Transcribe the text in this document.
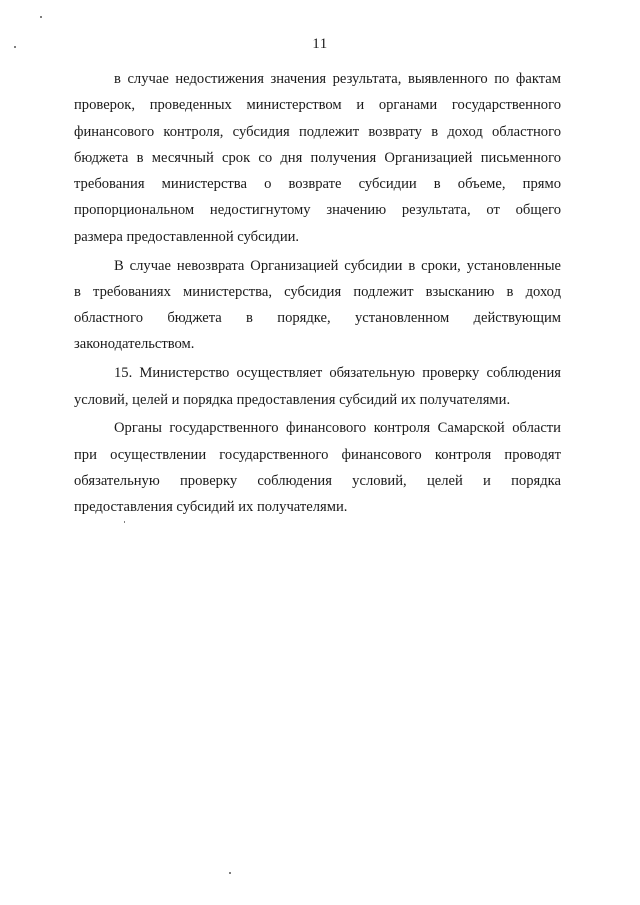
11

в случае недостижения значения результата, выявленного по фактам
проверок, проведенных министерством и органами государственного
финансового контроля, субсидия подлежит возврату в доход областного
бюджета в месячный срок со дня получения Организацией письменного
требования министерства о возврате субсидии в объеме, прямо
пропорциональном недостигнутому значению результата, от общего
размера предоставленной субсидии.

В случае невозврата Организацией субсидии в сроки, установленные
в требованиях министерства, субсидия подлежит взысканию в доход
областного бюджета в порядке, установленном действующим
законодательством.

15. Министерство осуществляет обязательную проверку соблюдения
условий, целей и порядка предоставления субсидий их получателями.

Органы государственного финансового контроля Самарской области
при осуществлении государственного финансового контроля проводят
обязательную проверку соблюдения условий, целей и порядка
предоставления субсидий их получателями.
